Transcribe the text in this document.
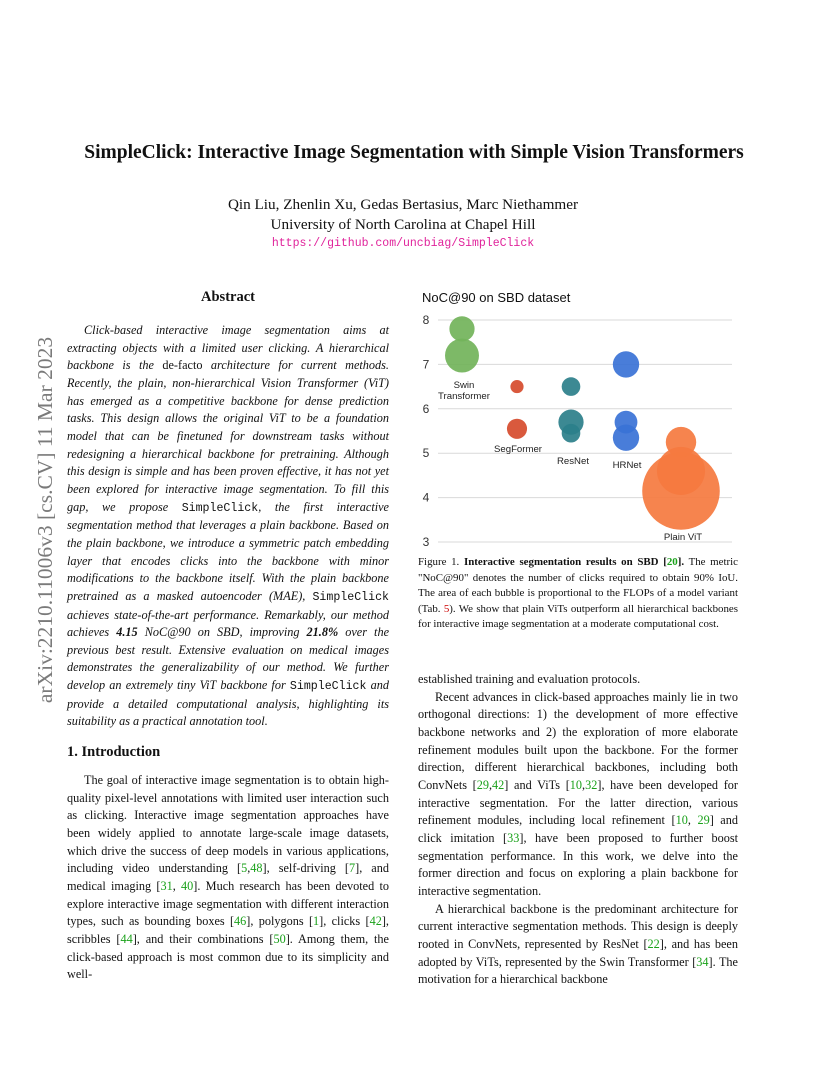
arXiv:2210.11006v3 [cs.CV] 11 Mar 2023
SimpleClick: Interactive Image Segmentation with Simple Vision Transformers
Qin Liu, Zhenlin Xu, Gedas Bertasius, Marc Niethammer
University of North Carolina at Chapel Hill
https://github.com/uncbiag/SimpleClick
Abstract

Click-based interactive image segmentation aims at extracting objects with a limited user clicking. A hierarchical backbone is the de-facto architecture for current methods. Recently, the plain, non-hierarchical Vision Transformer (ViT) has emerged as a competitive backbone for dense prediction tasks. This design allows the original ViT to be a foundation model that can be finetuned for downstream tasks without redesigning a hierarchical backbone for pretraining. Although this design is simple and has been proven effective, it has not yet been explored for interactive image segmentation. To fill this gap, we propose SimpleClick, the first interactive segmentation method that leverages a plain backbone. Based on the plain backbone, we introduce a symmetric patch embedding layer that encodes clicks into the backbone with minor modifications to the backbone itself. With the plain backbone pretrained as a masked autoencoder (MAE), SimpleClick achieves state-of-the-art performance. Remarkably, our method achieves 4.15 NoC@90 on SBD, improving 21.8% over the previous best result. Extensive evaluation on medical images demonstrates the generalizability of our method. We further develop an extremely tiny ViT backbone for SimpleClick and provide a detailed computational analysis, highlighting its suitability as a practical annotation tool.

1. Introduction

The goal of interactive image segmentation is to obtain high-quality pixel-level annotations with limited user interaction such as clicking. Interactive image segmentation approaches have been widely applied to annotate large-scale image datasets, which drive the success of deep models in various applications, including video understanding [5,48], self-driving [7], and medical imaging [31, 40]. Much research has been devoted to explore interactive image segmentation with different interaction types, such as bounding boxes [46], polygons [1], clicks [42], scribbles [44], and their combinations [50]. Among them, the click-based approach is most common due to its simplicity and well-

NoC@90 on SBD dataset
3
4
5
6
7
8
Swin
Transformer
SegFormer
ResNet HRNet
Plain ViT
Figure 1. Interactive segmentation results on SBD [20]. The metric "NoC@90" denotes the number of clicks required to obtain 90% IoU. The area of each bubble is proportional to the FLOPs of a model variant (Tab. 5). We show that plain ViTs outperform all hierarchical backbones for interactive image segmentation at a moderate computational cost.

established training and evaluation protocols.

Recent advances in click-based approaches mainly lie in two orthogonal directions: 1) the development of more effective backbone networks and 2) the exploration of more elaborate refinement modules built upon the backbone. For the former direction, different hierarchical backbones, including both ConvNets [29,42] and ViTs [10,32], have been developed for interactive segmentation. For the latter direction, various refinement modules, including local refinement [10, 29] and click imitation [33], have been proposed to further boost segmentation performance. In this work, we delve into the former direction and focus on exploring a plain backbone for interactive segmentation.

A hierarchical backbone is the predominant architecture for current interactive segmentation methods. This design is deeply rooted in ConvNets, represented by ResNet [22], and has been adopted by ViTs, represented by the Swin Transformer [34]. The motivation for a hierarchical backbone
